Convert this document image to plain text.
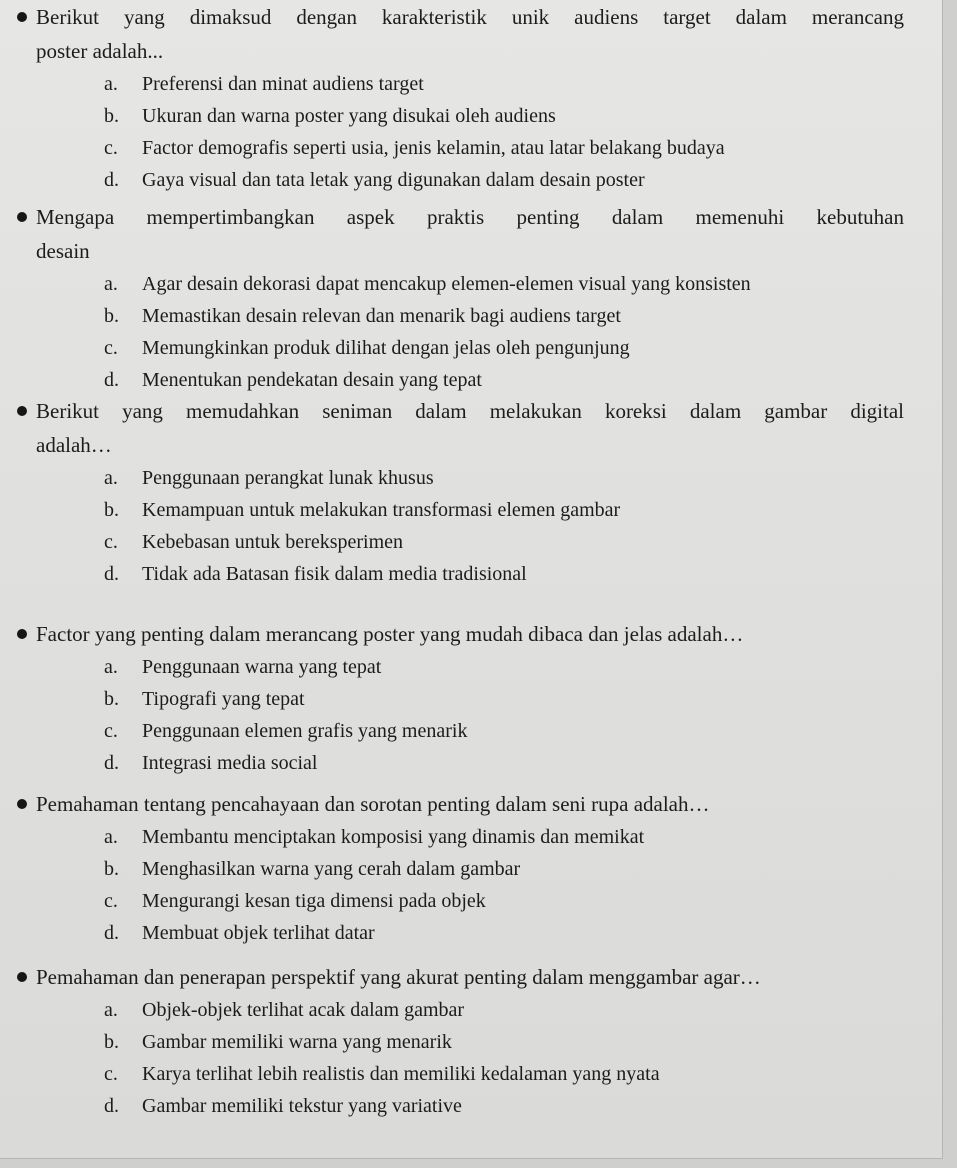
Berikut yang dimaksud dengan karakteristik unik audiens target dalam merancang
poster adalah...
a. Preferensi dan minat audiens target
b. Ukuran dan warna poster yang disukai oleh audiens
c. Factor demografis seperti usia, jenis kelamin, atau latar belakang budaya
d. Gaya visual dan tata letak yang digunakan dalam desain poster
Mengapa mempertimbangkan aspek praktis penting dalam memenuhi kebutuhan
desain
a. Agar desain dekorasi dapat mencakup elemen-elemen visual yang konsisten
b. Memastikan desain relevan dan menarik bagi audiens target
c. Memungkinkan produk dilihat dengan jelas oleh pengunjung
d. Menentukan pendekatan desain yang tepat
Berikut yang memudahkan seniman dalam melakukan koreksi dalam gambar digital
adalah…
a. Penggunaan perangkat lunak khusus
b. Kemampuan untuk melakukan transformasi elemen gambar
c. Kebebasan untuk bereksperimen
d. Tidak ada Batasan fisik dalam media tradisional
Factor yang penting dalam merancang poster yang mudah dibaca dan jelas adalah…
a. Penggunaan warna yang tepat
b. Tipografi yang tepat
c. Penggunaan elemen grafis yang menarik
d. Integrasi media social
Pemahaman tentang pencahayaan dan sorotan penting dalam seni rupa adalah…
a. Membantu menciptakan komposisi yang dinamis dan memikat
b. Menghasilkan warna yang cerah dalam gambar
c. Mengurangi kesan tiga dimensi pada objek
d. Membuat objek terlihat datar
Pemahaman dan penerapan perspektif yang akurat penting dalam menggambar agar…
a. Objek-objek terlihat acak dalam gambar
b. Gambar memiliki warna yang menarik
c. Karya terlihat lebih realistis dan memiliki kedalaman yang nyata
d. Gambar memiliki tekstur yang variative
